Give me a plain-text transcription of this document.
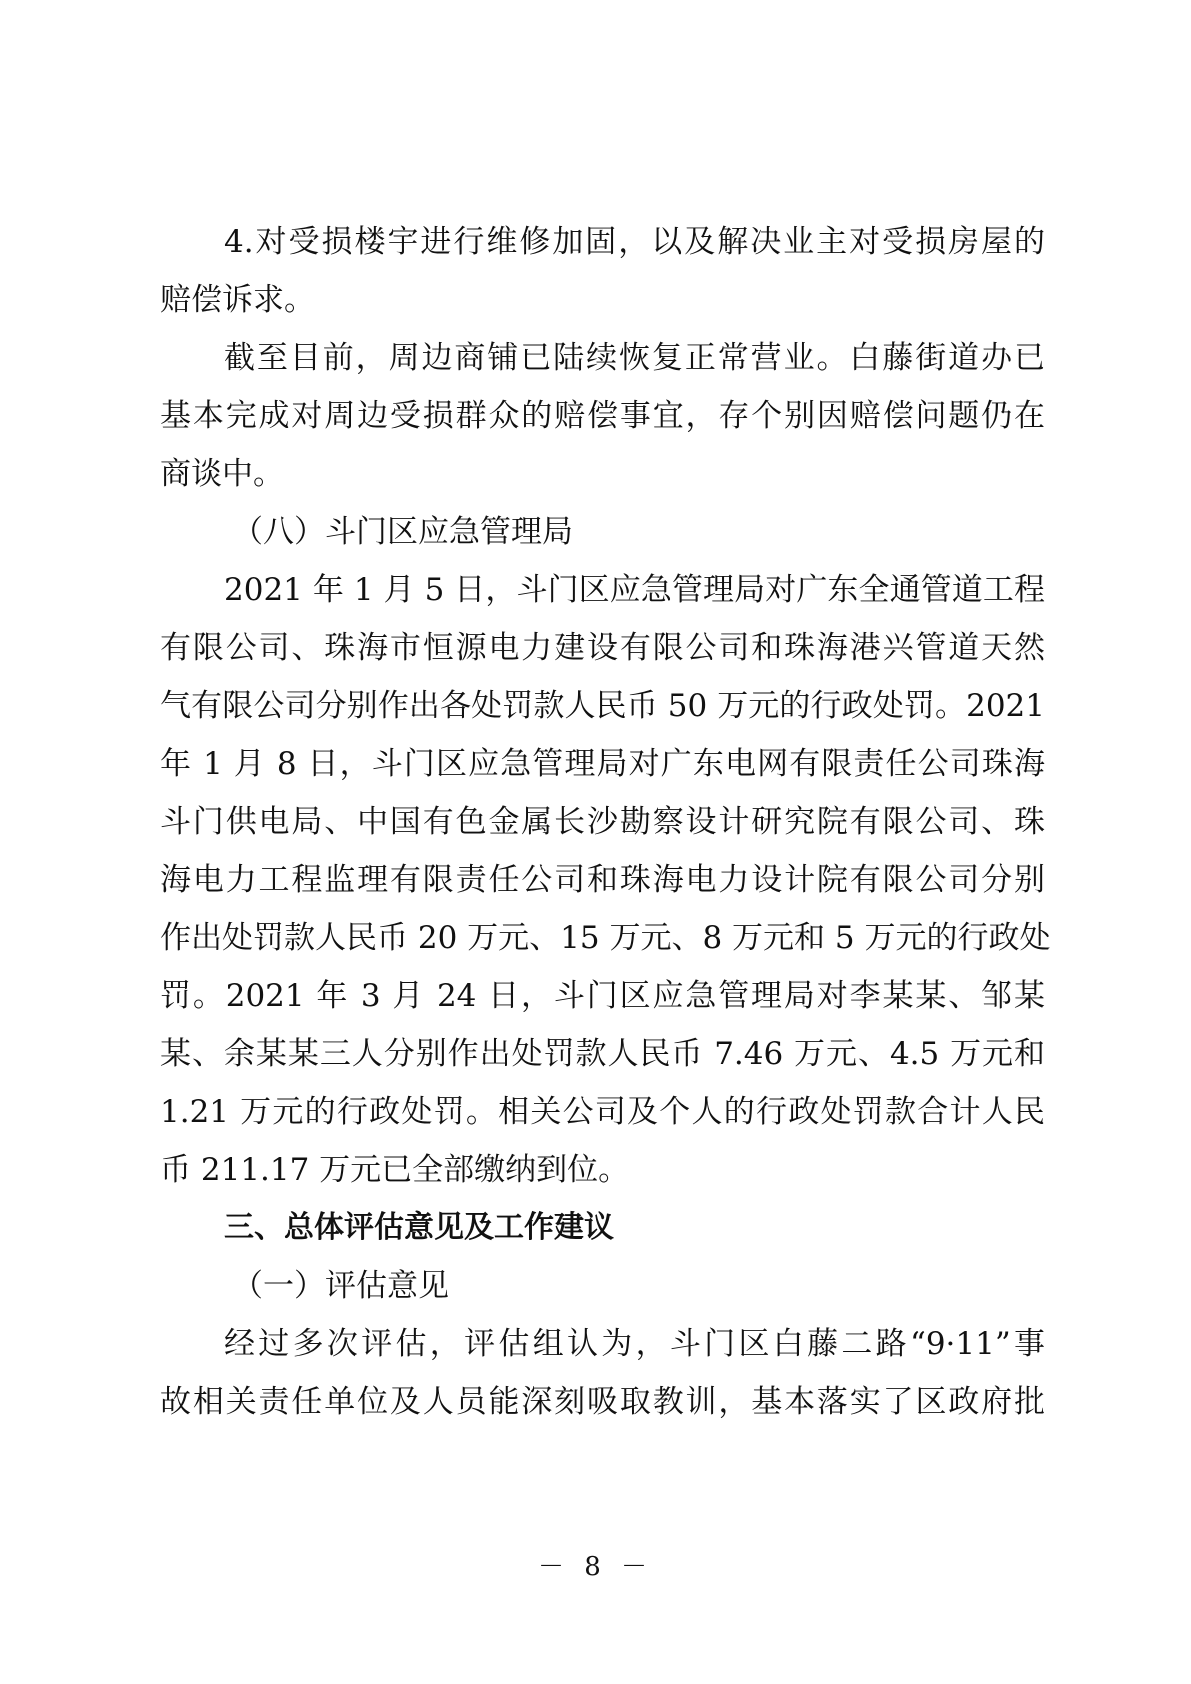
4.对受损楼宇进行维修加固，以及解决业主对受损房屋的
赔偿诉求。
截至目前，周边商铺已陆续恢复正常营业。白藤街道办已
基本完成对周边受损群众的赔偿事宜，存个别因赔偿问题仍在
商谈中。
（八）斗门区应急管理局
2021 年 1 月 5 日，斗门区应急管理局对广东全通管道工程
有限公司、珠海市恒源电力建设有限公司和珠海港兴管道天然
气有限公司分别作出各处罚款人民币 50 万元的行政处罚。2021
年 1 月 8 日，斗门区应急管理局对广东电网有限责任公司珠海
斗门供电局、中国有色金属长沙勘察设计研究院有限公司、珠
海电力工程监理有限责任公司和珠海电力设计院有限公司分别
作出处罚款人民币 20 万元、15 万元、8 万元和 5 万元的行政处
罚。2021 年 3 月 24 日，斗门区应急管理局对李某某、邹某
某、余某某三人分别作出处罚款人民币 7.46 万元、4.5 万元和
1.21 万元的行政处罚。相关公司及个人的行政处罚款合计人民
币 211.17 万元已全部缴纳到位。
三、总体评估意见及工作建议
（一）评估意见
经过多次评估，评估组认为，斗门区白藤二路“9·11”事
故相关责任单位及人员能深刻吸取教训，基本落实了区政府批
－ 8 －
